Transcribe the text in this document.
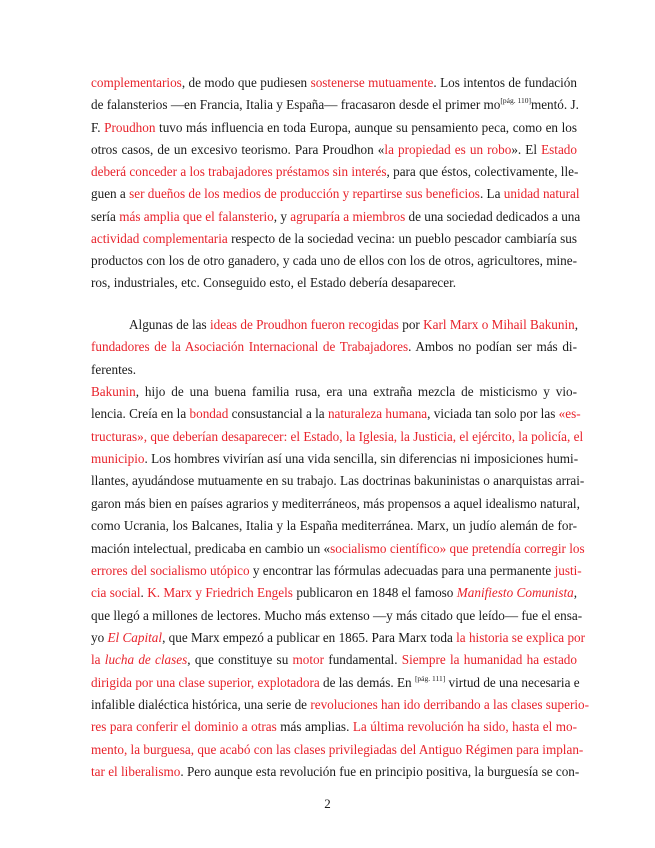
complementarios, de modo que pudiesen sostenerse mutuamente. Los intentos de fundación
de falansterios —en Francia, Italia y España— fracasaron desde el primer mo[pág. 110]mentó. J.
F. Proudhon tuvo más influencia en toda Europa, aunque su pensamiento peca, como en los
otros casos, de un excesivo teorismo. Para Proudhon «la propiedad es un robo». El Estado
deberá conceder a los trabajadores préstamos sin interés, para que éstos, colectivamente, lle-
guen a ser dueños de los medios de producción y repartirse sus beneficios. La unidad natural
sería más amplia que el falansterio, y agruparía a miembros de una sociedad dedicados a una
actividad complementaria respecto de la sociedad vecina: un pueblo pescador cambiaría sus
productos con los de otro ganadero, y cada uno de ellos con los de otros, agricultores, mine-
ros, industriales, etc. Conseguido esto, el Estado debería desaparecer.
Algunas de las ideas de Proudhon fueron recogidas por Karl Marx o Mihail Bakunin,
fundadores de la Asociación Internacional de Trabajadores. Ambos no podían ser más di-
ferentes.
Bakunin, hijo de una buena familia rusa, era una extraña mezcla de misticismo y vio-
lencia. Creía en la bondad consustancial a la naturaleza humana, viciada tan solo por las «es-
tructuras», que deberían desaparecer: el Estado, la Iglesia, la Justicia, el ejército, la policía, el
municipio. Los hombres vivirían así una vida sencilla, sin diferencias ni imposiciones humi-
llantes, ayudándose mutuamente en su trabajo. Las doctrinas bakuninistas o anarquistas arrai-
garon más bien en países agrarios y mediterráneos, más propensos a aquel idealismo natural,
como Ucrania, los Balcanes, Italia y la España mediterránea. Marx, un judío alemán de for-
mación intelectual, predicaba en cambio un «socialismo científico» que pretendía corregir los
errores del socialismo utópico y encontrar las fórmulas adecuadas para una permanente justi-
cia social. K. Marx y Friedrich Engels publicaron en 1848 el famoso Manifiesto Comunista,
que llegó a millones de lectores. Mucho más extenso —y más citado que leído— fue el ensa-
yo El Capital, que Marx empezó a publicar en 1865. Para Marx toda la historia se explica por
la lucha de clases, que constituye su motor fundamental. Siempre la humanidad ha estado
dirigida por una clase superior, explotadora de las demás. En [pág. 111] virtud de una necesaria e
infalible dialéctica histórica, una serie de revoluciones han ido derribando a las clases superio-
res para conferir el dominio a otras más amplias. La última revolución ha sido, hasta el mo-
mento, la burguesa, que acabó con las clases privilegiadas del Antiguo Régimen para implan-
tar el liberalismo. Pero aunque esta revolución fue en principio positiva, la burguesía se con-
2
